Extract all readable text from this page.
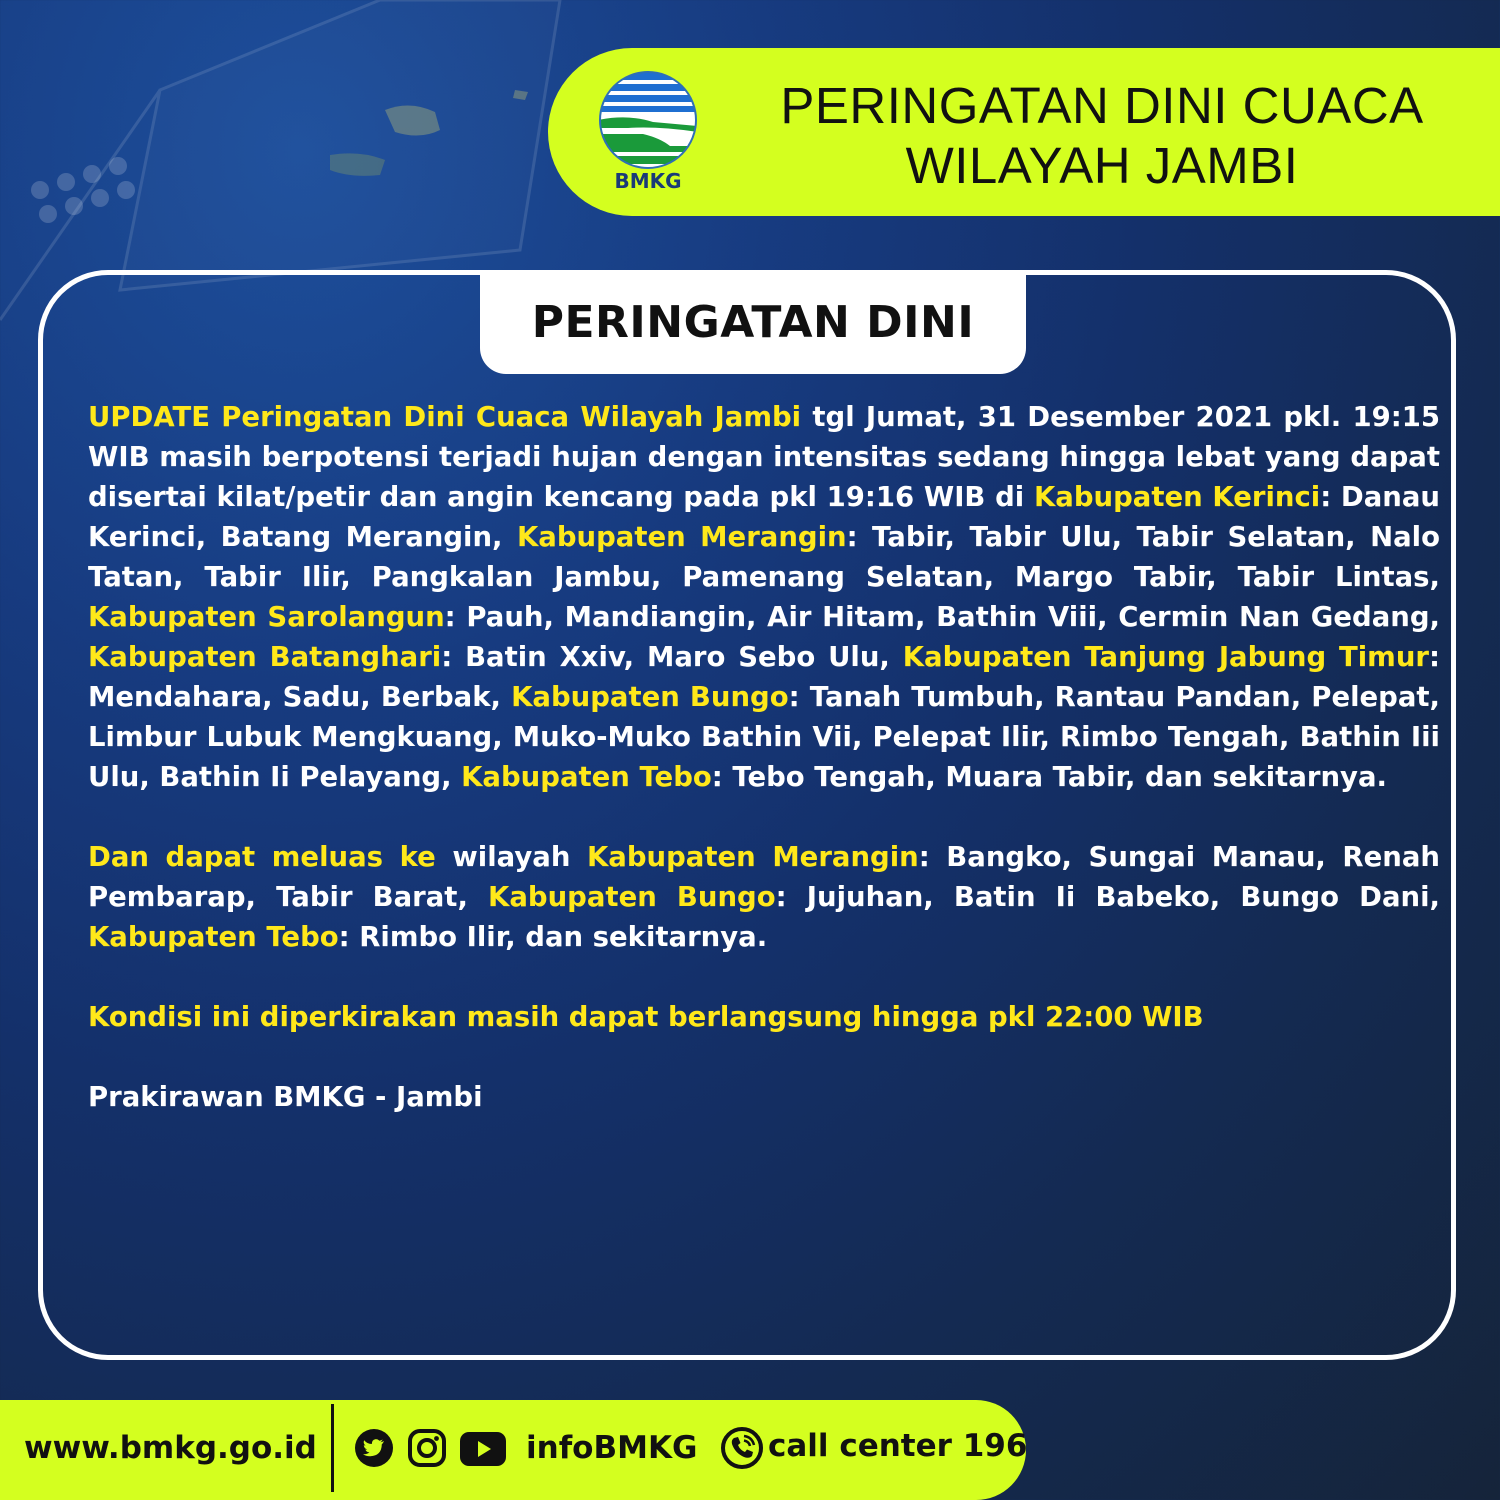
BMKG
PERINGATAN DINI CUACA
WILAYAH JAMBI
PERINGATAN DINI

UPDATE Peringatan Dini Cuaca Wilayah Jambi tgl Jumat, 31 Desember 2021 pkl. 19:15 WIB masih berpotensi terjadi hujan dengan intensitas sedang hingga lebat yang dapat disertai kilat/petir dan angin kencang pada pkl 19:16 WIB di Kabupaten Kerinci: Danau Kerinci, Batang Merangin, Kabupaten Merangin: Tabir, Tabir Ulu, Tabir Selatan, Nalo Tatan, Tabir Ilir, Pangkalan Jambu, Pamenang Selatan, Margo Tabir, Tabir Lintas, Kabupaten Sarolangun: Pauh, Mandiangin, Air Hitam, Bathin Viii, Cermin Nan Gedang, Kabupaten Batanghari: Batin Xxiv, Maro Sebo Ulu, Kabupaten Tanjung Jabung Timur: Mendahara, Sadu, Berbak, Kabupaten Bungo: Tanah Tumbuh, Rantau Pandan, Pelepat, Limbur Lubuk Mengkuang, Muko-Muko Bathin Vii, Pelepat Ilir, Rimbo Tengah, Bathin Iii Ulu, Bathin Ii Pelayang, Kabupaten Tebo: Tebo Tengah, Muara Tabir, dan sekitarnya.

Dan dapat meluas ke wilayah Kabupaten Merangin: Bangko, Sungai Manau, Renah Pembarap, Tabir Barat, Kabupaten Bungo: Jujuhan, Batin Ii Babeko, Bungo Dani, Kabupaten Tebo: Rimbo Ilir, dan sekitarnya.

Kondisi ini diperkirakan masih dapat berlangsung hingga pkl 22:00 WIB

Prakirawan BMKG - Jambi

www.bmkg.go.id	infoBMKG call center 196
